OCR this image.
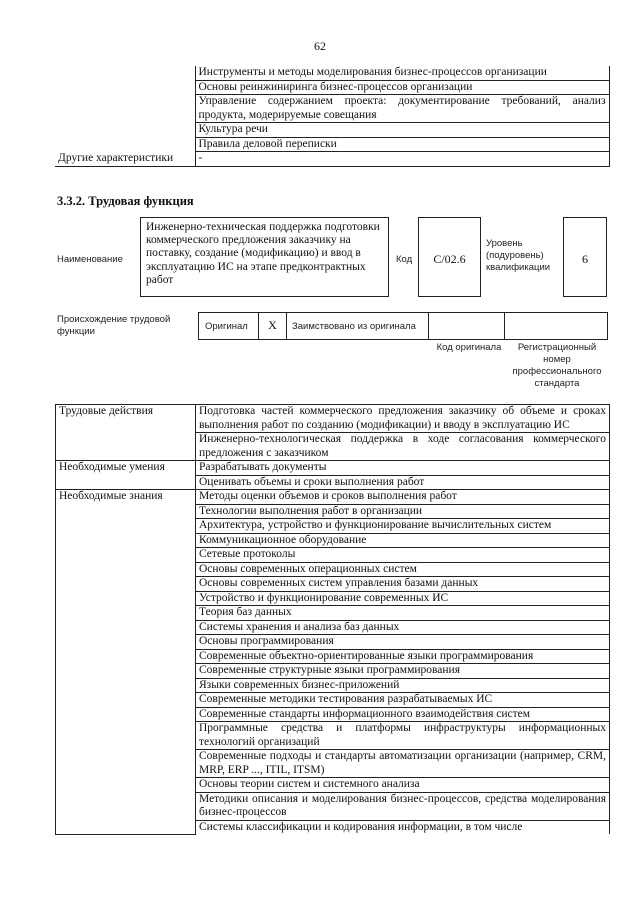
62
	Инструменты и методы моделирования бизнес-процессов организации
	Основы реинжиниринга бизнес-процессов организации
	Управление содержанием проекта: документирование требований, анализ продукта, модерируемые совещания
	Культура речи
	Правила деловой переписки
Другие характеристики	-
3.3.2. Трудовая функция
Наименование
Инженерно-техническая поддержка подготовки коммерческого предложения заказчику на поставку, создание (модификацию) и ввод в эксплуатацию ИС на этапе предконтрактных работ
Код	C/02.6
Уровень (подуровень) квалификации
6
Происхождение трудовой функции	Оригинал	X	Заимствовано из оригинала
Код оригинала	Регистрационный номер профессионального стандарта
Трудовые действия	Подготовка частей коммерческого предложения заказчику об объеме и сроках выполнения работ по созданию (модификации) и вводу в эксплуатацию ИС
	Инженерно-технологическая поддержка в ходе согласования коммерческого предложения с заказчиком
Необходимые умения	Разрабатывать документы
	Оценивать объемы и сроки выполнения работ
Необходимые знания	Методы оценки объемов и сроков выполнения работ
	Технологии выполнения работ в организации
	Архитектура, устройство и функционирование вычислительных систем
	Коммуникационное оборудование
	Сетевые протоколы
	Основы современных операционных систем
	Основы современных систем управления базами данных
	Устройство и функционирование современных ИС
	Теория баз данных
	Системы хранения и анализа баз данных
	Основы программирования
	Современные объектно-ориентированные языки программирования
	Современные структурные языки программирования
	Языки современных бизнес-приложений
	Современные методики тестирования разрабатываемых ИС
	Современные стандарты информационного взаимодействия систем
	Программные средства и платформы инфраструктуры информационных технологий организаций
	Современные подходы и стандарты автоматизации организации (например, CRM, MRP, ERP ..., ITIL, ITSM)
	Основы теории систем и системного анализа
	Методики описания и моделирования бизнес-процессов, средства моделирования бизнес-процессов
	Системы классификации и кодирования информации, в том числе
